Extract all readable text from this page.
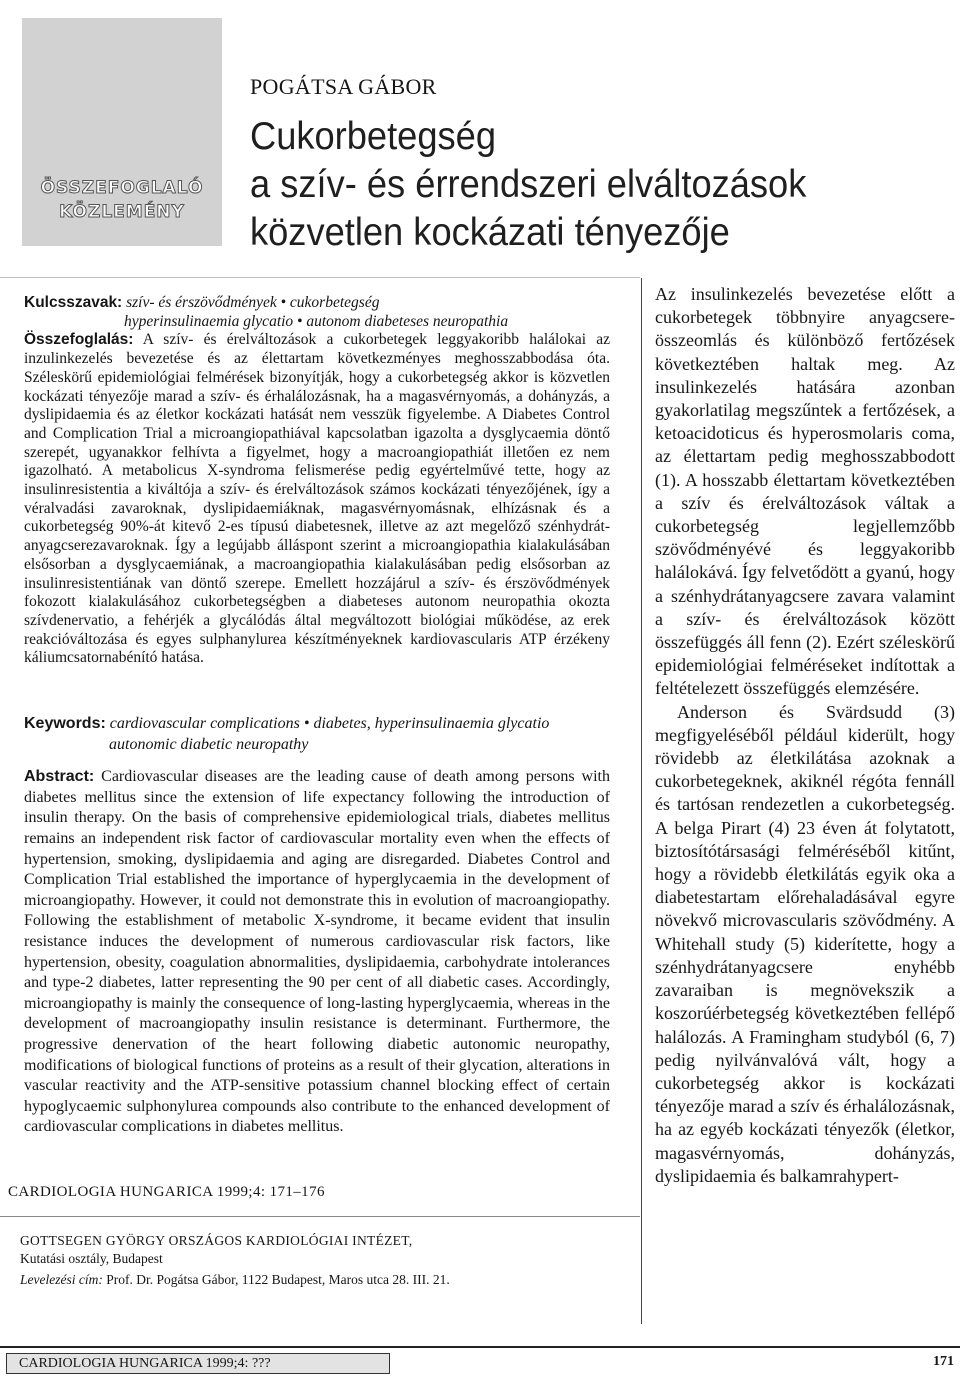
ÖSSZEFOGLALÓ
KÖZLEMÉNY
POGÁTSA GÁBOR
Cukorbetegség
a szív- és érrendszeri elváltozások
közvetlen kockázati tényezője

Kulcsszavak: szív- és érszövődmények • cukorbetegség
hyperinsulinaemia glycatio • autonom diabeteses neuropathia

Összefoglalás: A szív- és érelváltozások a cukorbetegek leggyakoribb halálokai az inzulinkezelés bevezetése és az élettartam következményes meghosszabbodása óta. Széleskörű epidemiológiai felmérések bizonyítják, hogy a cukorbetegség akkor is közvetlen kockázati tényezője marad a szív- és érhalálozásnak, ha a magasvérnyomás, a dohányzás, a dyslipidaemia és az életkor kockázati hatását nem vesszük figyelembe. A Diabetes Control and Complication Trial a microangiopathiával kapcsolatban igazolta a dysglycaemia döntő szerepét, ugyanakkor felhívta a figyelmet, hogy a macroangiopathiát illetően ez nem igazolható. A metabolicus X-syndroma felismerése pedig egyértelművé tette, hogy az insulinresistentia a kiváltója a szív- és érelváltozások számos kockázati tényezőjének, így a véralvadási zavaroknak, dyslipidaemiáknak, magasvérnyomásnak, elhízásnak és a cukorbetegség 90%-át kitevő 2-es típusú diabetesnek, illetve az azt megelőző szénhydrát-anyagcserezavaroknak. Így a legújabb álláspont szerint a microangiopathia kialakulásában elsősorban a dysglycaemiának, a macroangiopathia kialakulásában pedig elsősorban az insulinresistentiának van döntő szerepe. Emellett hozzájárul a szív- és érszövődmények fokozott kialakulásához cukorbetegségben a diabeteses autonom neuropathia okozta szívdenervatio, a fehérjék a glycálódás által megváltozott biológiai működése, az erek reakcióváltozása és egyes sulphanylurea készítményeknek kardiovascularis ATP érzékeny káliumcsatornabénító hatása.

Keywords: cardiovascular complications • diabetes, hyperinsulinaemia glycatio
autonomic diabetic neuropathy

Abstract: Cardiovascular diseases are the leading cause of death among persons with diabetes mellitus since the extension of life expectancy following the introduction of insulin therapy. On the basis of comprehensive epidemiological trials, diabetes mellitus remains an independent risk factor of cardiovascular mortality even when the effects of hypertension, smoking, dyslipidaemia and aging are disregarded. Diabetes Control and Complication Trial established the importance of hyperglycaemia in the development of microangiopathy. However, it could not demonstrate this in evolution of macroangiopathy. Following the establishment of metabolic X-syndrome, it became evident that insulin resistance induces the development of numerous cardiovascular risk factors, like hypertension, obesity, coagulation abnormalities, dyslipidaemia, carbohydrate intolerances and type-2 diabetes, latter representing the 90 per cent of all diabetic cases. Accordingly, microangiopathy is mainly the consequence of long-lasting hyperglycaemia, whereas in the development of macroangiopathy insulin resistance is determinant. Furthermore, the progressive denervation of the heart following diabetic autonomic neuropathy, modifications of biological functions of proteins as a result of their glycation, alterations in vascular reactivity and the ATP-sensitive potassium channel blocking effect of certain hypoglycaemic sulphonylurea compounds also contribute to the enhanced development of cardiovascular complications in diabetes mellitus.

CARDIOLOGIA HUNGARICA 1999;4: 171–176
GOTTSEGEN GYÖRGY ORSZÁGOS KARDIOLÓGIAI INTÉZET,
Kutatási osztály, Budapest
Levelezési cím: Prof. Dr. Pogátsa Gábor, 1122 Budapest, Maros utca 28. III. 21.

Az insulinkezelés bevezetése előtt a cukorbetegek többnyire anyagcsere-összeomlás és különböző fertőzések következtében haltak meg. Az insulinkezelés hatására azonban gyakorlatilag megszűntek a fertőzések, a ketoacidoticus és hyperosmolaris coma, az élettartam pedig meghosszabbodott (1). A hosszabb élettartam következtében a szív és érelváltozások váltak a cukorbetegség legjellemzőbb szövődményévé és leggyakoribb halálokává. Így felvetődött a gyanú, hogy a szénhydrátanyagcsere zavara valamint a szív- és érelváltozások között összefüggés áll fenn (2). Ezért széleskörű epidemiológiai felméréseket indítottak a feltételezett összefüggés elemzésére.

Anderson és Svärdsudd (3) megfigyeléséből például kiderült, hogy rövidebb az életkilátása azoknak a cukorbetegeknek, akiknél régóta fennáll és tartósan rendezetlen a cukorbetegség. A belga Pirart (4) 23 éven át folytatott, biztosítótársasági felméréséből kitűnt, hogy a rövidebb életkilátás egyik oka a diabetestartam előrehaladásával egyre növekvő microvascularis szövődmény. A Whitehall study (5) kiderítette, hogy a szénhydrátanyagcsere enyhébb zavaraiban is megnövekszik a koszorúérbetegség következtében fellépő halálozás. A Framingham studyból (6, 7) pedig nyilvánvalóvá vált, hogy a cukorbetegség akkor is kockázati tényezője marad a szív és érhalálozásnak, ha az egyéb kockázati tényezők (életkor, magasvérnyomás, dohányzás, dyslipidaemia és balkamrahypert-

CARDIOLOGIA HUNGARICA 1999;4: ???	171
